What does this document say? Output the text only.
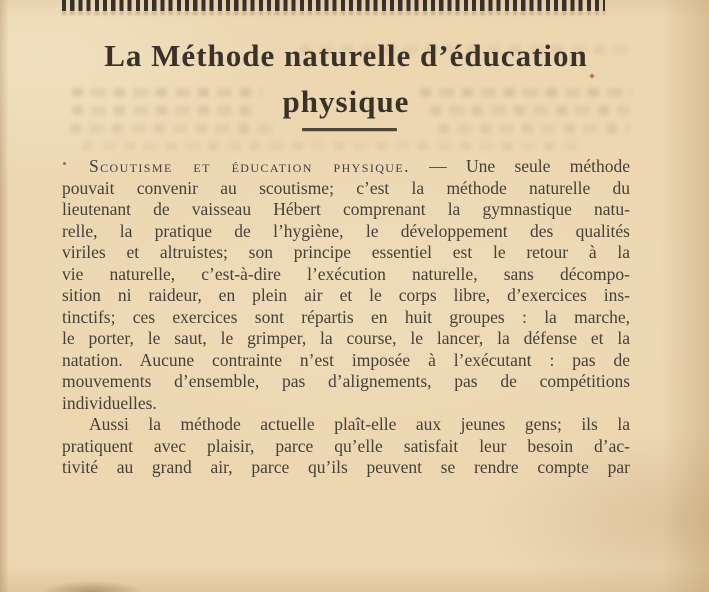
La Méthode naturelle d’éducation
physique
Scoutisme et éducation physique. — Une seule méthode
pouvait convenir au scoutisme; c’est la méthode naturelle du
lieutenant de vaisseau Hébert comprenant la gymnastique natu-
relle, la pratique de l’hygiène, le développement des qualités
viriles et altruistes; son principe essentiel est le retour à la
vie naturelle, c’est-à-dire l’exécution naturelle, sans décompo-
sition ni raideur, en plein air et le corps libre, d’exercices ins-
tinctifs; ces exercices sont répartis en huit groupes : la marche,
le porter, le saut, le grimper, la course, le lancer, la défense et la
natation. Aucune contrainte n’est imposée à l’exécutant : pas de
mouvements d’ensemble, pas d’alignements, pas de compétitions
individuelles.
Aussi la méthode actuelle plaît-elle aux jeunes gens; ils la
pratiquent avec plaisir, parce qu’elle satisfait leur besoin d’ac-
tivité au grand air, parce qu’ils peuvent se rendre compte par
